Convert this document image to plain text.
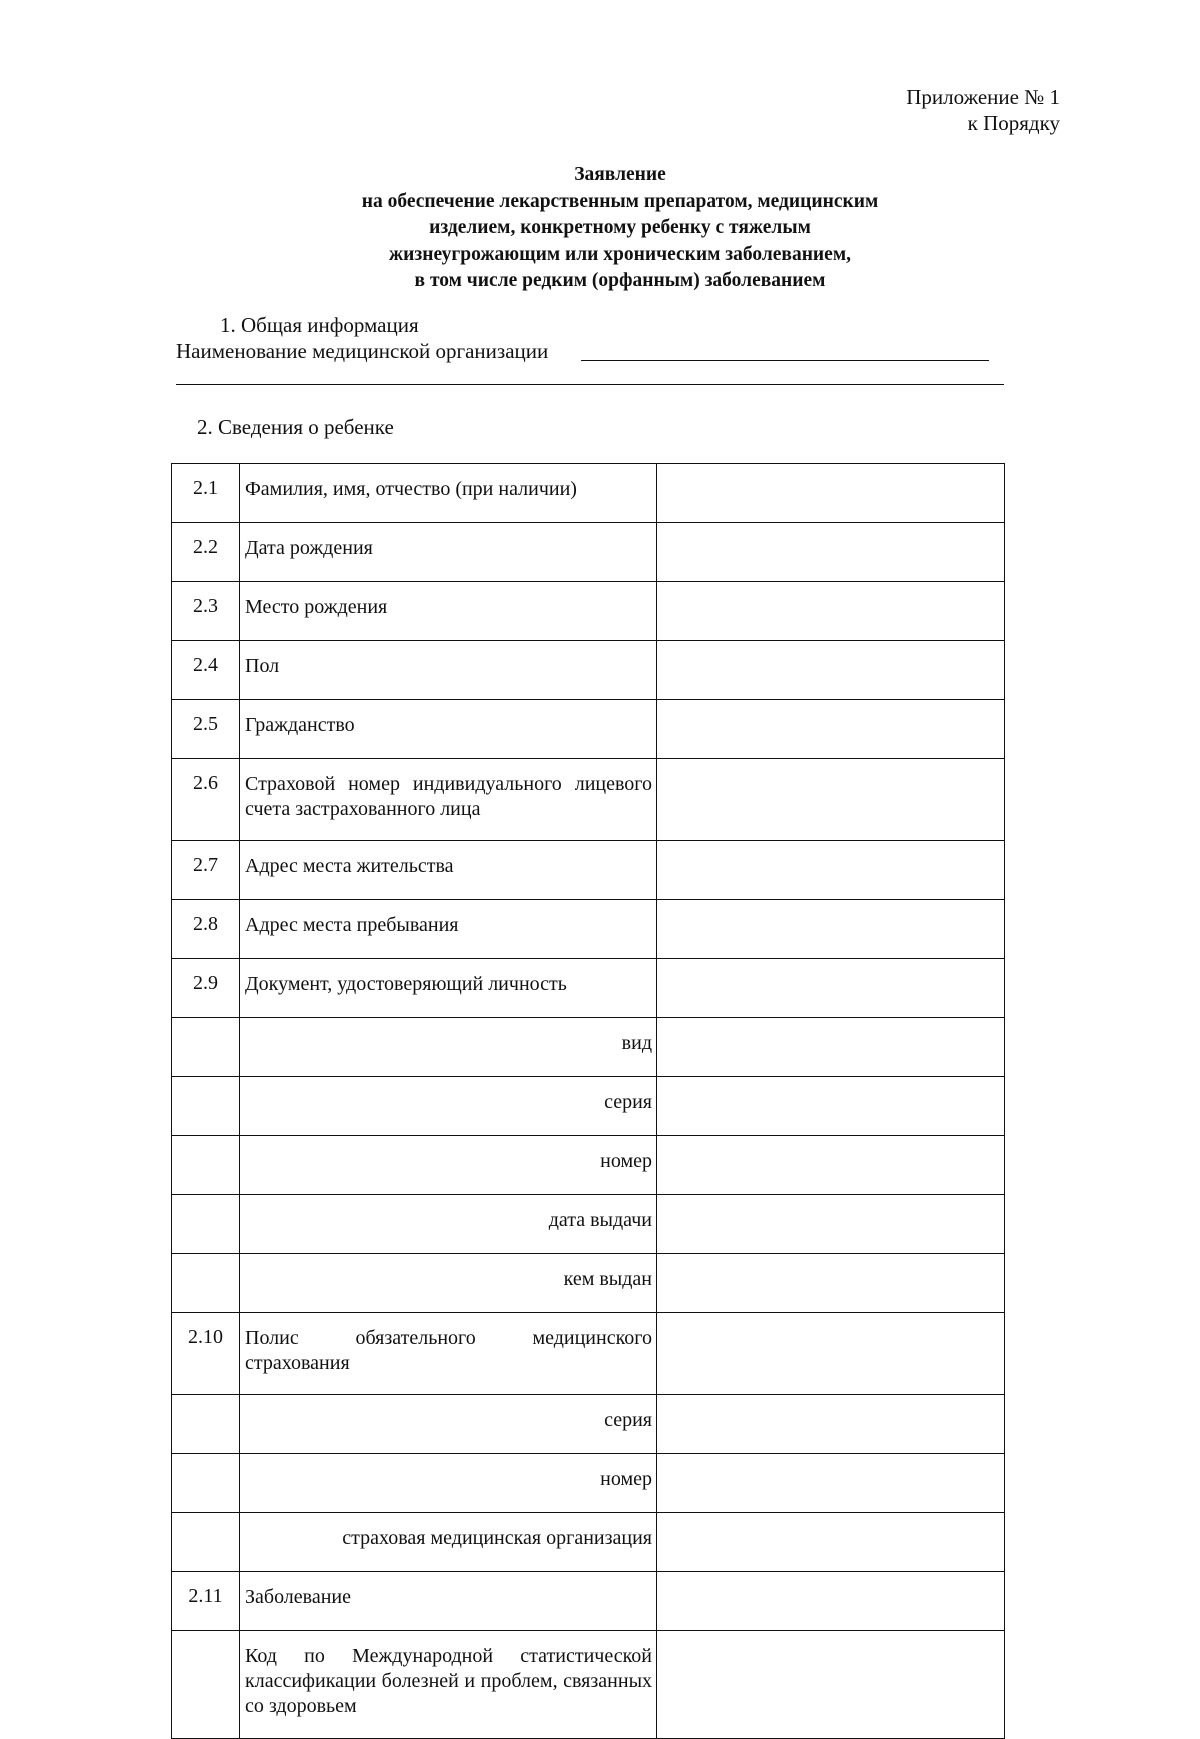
Приложение № 1
к Порядку
Заявление
на обеспечение лекарственным препаратом, медицинским
изделием, конкретному ребенку с тяжелым
жизнеугрожающим или хроническим заболеванием,
в том числе редким (орфанным) заболеванием
1. Общая информация
Наименование медицинской организации
2. Сведения о ребенке
2.1	Фамилия, имя, отчество (при наличии)	
2.2	Дата рождения	
2.3	Место рождения	
2.4	Пол	
2.5	Гражданство	
2.6	Страховой номер индивидуального лицевого счета застрахованного лица	
2.7	Адрес места жительства	
2.8	Адрес места пребывания	
2.9	Документ, удостоверяющий личность	
	вид	
	серия	
	номер	
	дата выдачи	
	кем выдан	
2.10	Полис обязательного медицинского страхования	
	серия	
	номер	
	страховая медицинская организация	
2.11	Заболевание	
	Код по Международной статистической классификации болезней и проблем, связанных со здоровьем	
